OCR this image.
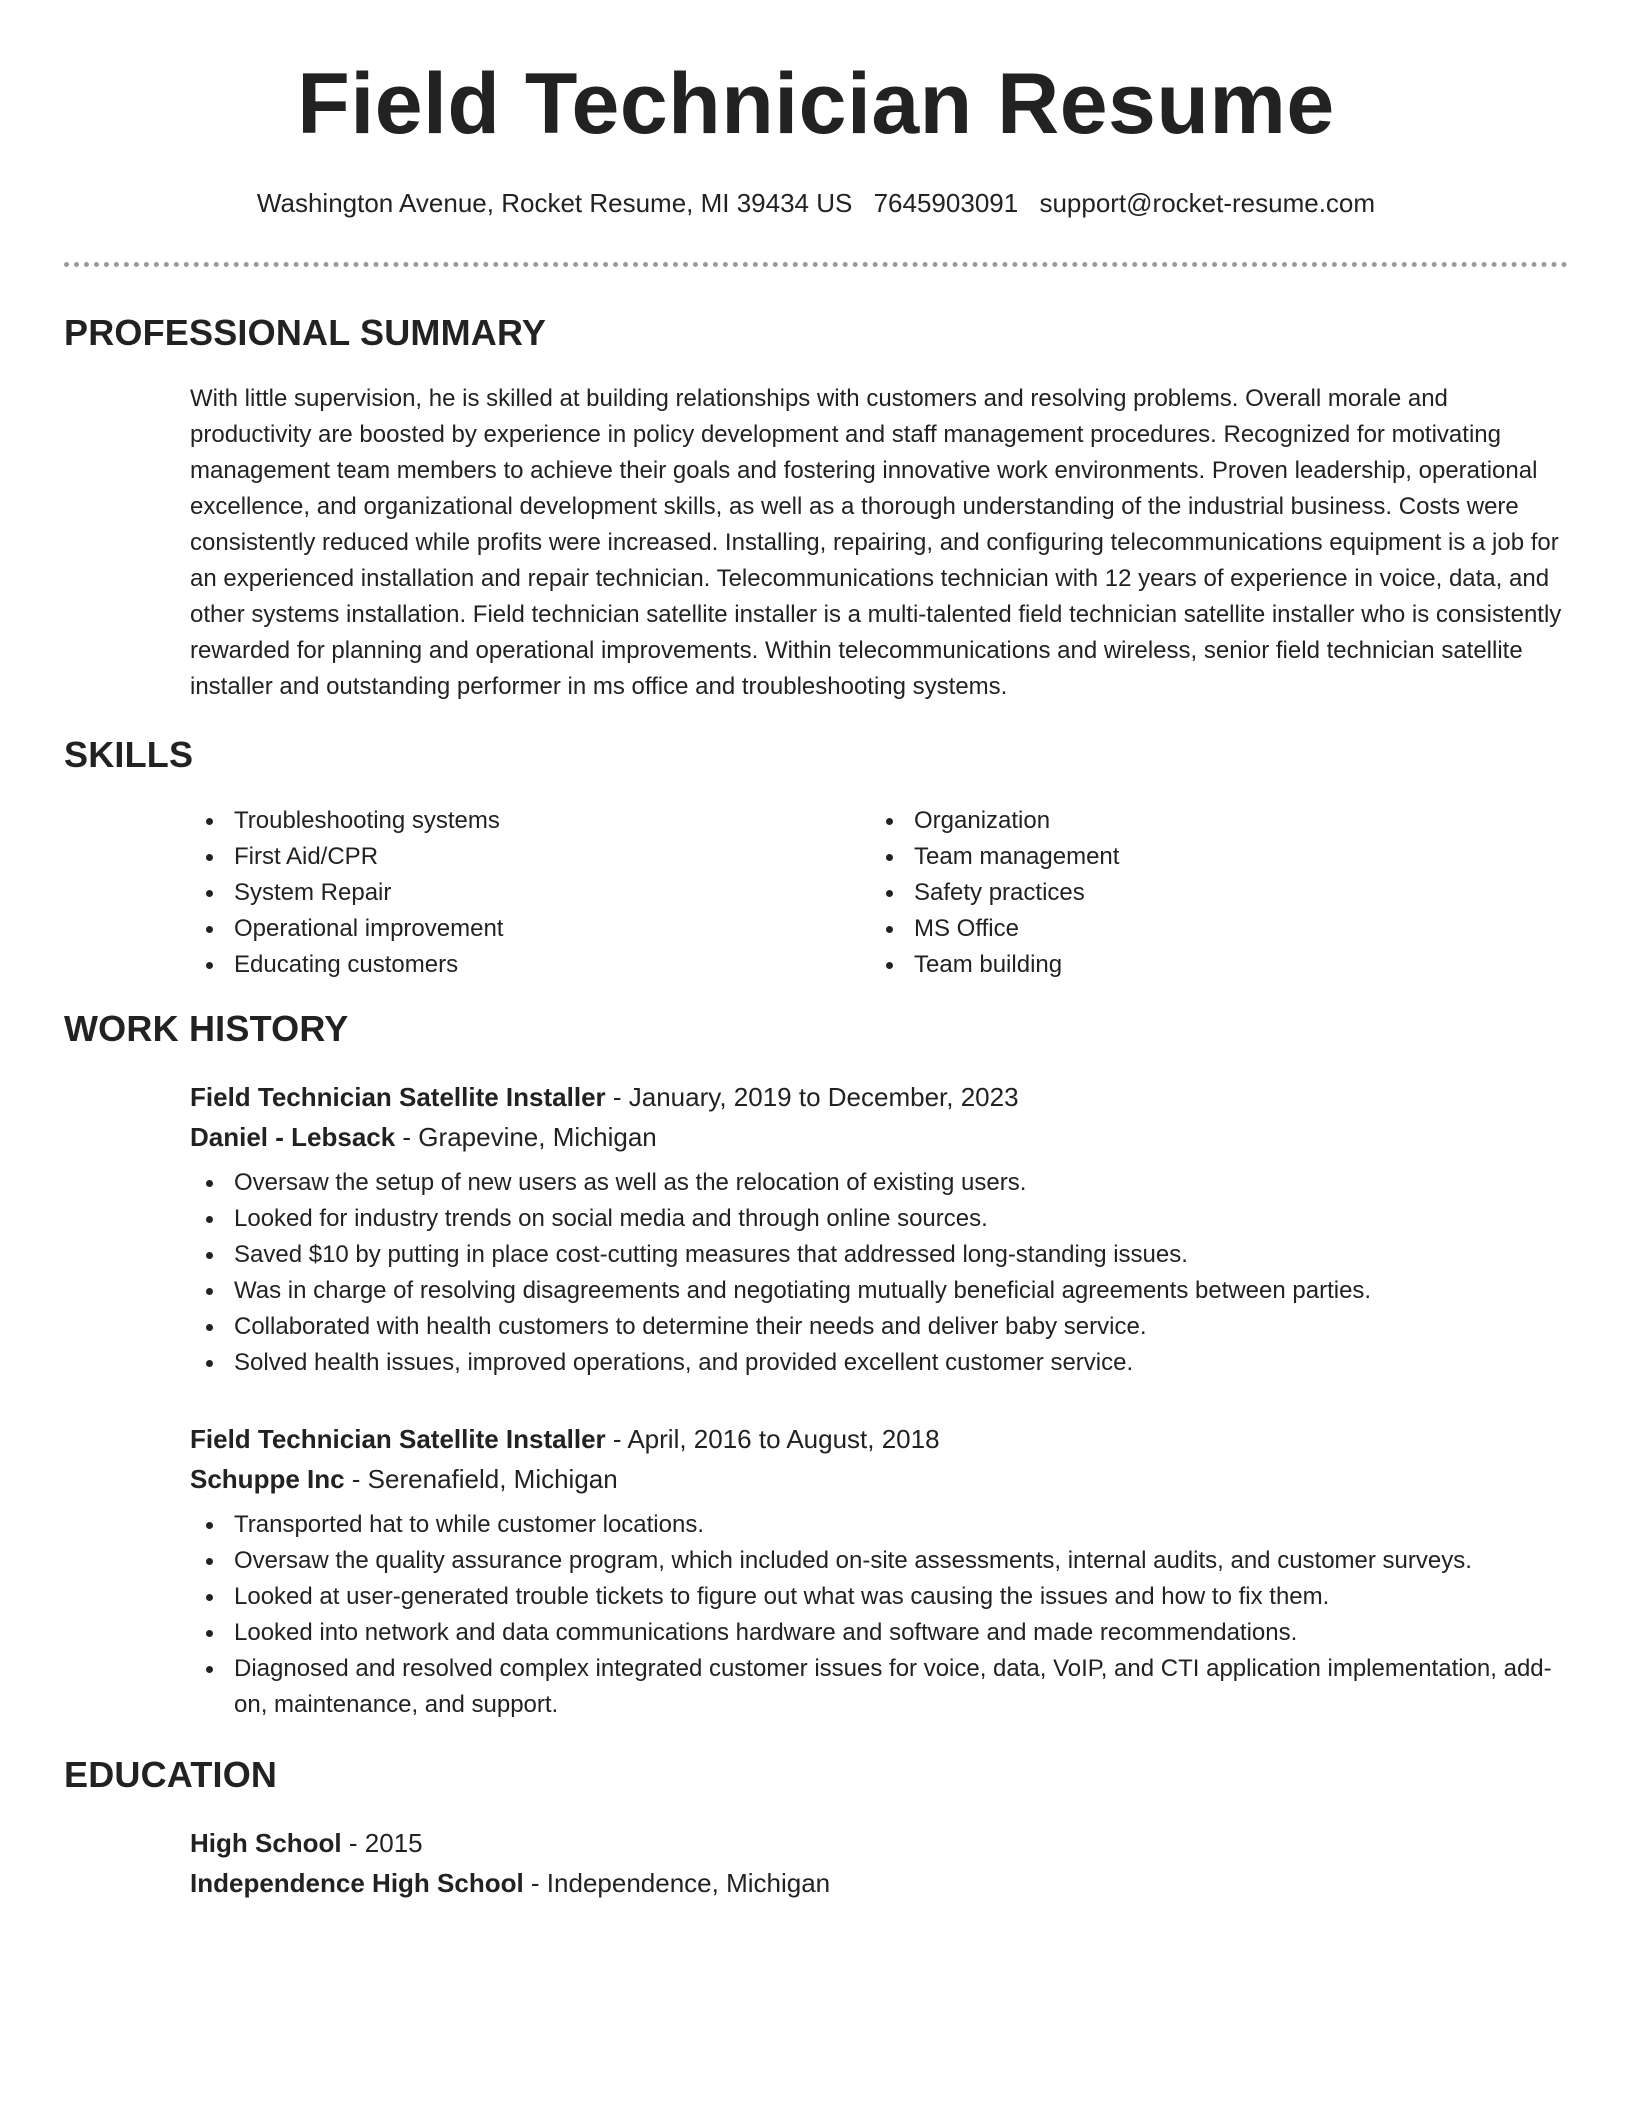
Field Technician Resume
Washington Avenue, Rocket Resume, MI 39434 US 7645903091 support@rocket-resume.com
PROFESSIONAL SUMMARY

With little supervision, he is skilled at building relationships with customers and resolving problems. Overall morale and productivity are boosted by experience in policy development and staff management procedures. Recognized for motivating management team members to achieve their goals and fostering innovative work environments. Proven leadership, operational excellence, and organizational development skills, as well as a thorough understanding of the industrial business. Costs were consistently reduced while profits were increased. Installing, repairing, and configuring telecommunications equipment is a job for an experienced installation and repair technician. Telecommunications technician with 12 years of experience in voice, data, and other systems installation. Field technician satellite installer is a multi-talented field technician satellite installer who is consistently rewarded for planning and operational improvements. Within telecommunications and wireless, senior field technician satellite installer and outstanding performer in ms office and troubleshooting systems.

SKILLS
Troubleshooting systems
First Aid/CPR
System Repair
Operational improvement
Educating customers
Organization
Team management
Safety practices
MS Office
Team building
WORK HISTORY
Field Technician Satellite Installer - January, 2019 to December, 2023
Daniel - Lebsack - Grapevine, Michigan
Oversaw the setup of new users as well as the relocation of existing users.
Looked for industry trends on social media and through online sources.
Saved $10 by putting in place cost-cutting measures that addressed long-standing issues.
Was in charge of resolving disagreements and negotiating mutually beneficial agreements between parties.
Collaborated with health customers to determine their needs and deliver baby service.
Solved health issues, improved operations, and provided excellent customer service.
Field Technician Satellite Installer - April, 2016 to August, 2018
Schuppe Inc - Serenafield, Michigan
Transported hat to while customer locations.
Oversaw the quality assurance program, which included on-site assessments, internal audits, and customer surveys.
Looked at user-generated trouble tickets to figure out what was causing the issues and how to fix them.
Looked into network and data communications hardware and software and made recommendations.
Diagnosed and resolved complex integrated customer issues for voice, data, VoIP, and CTI application implementation, add-on, maintenance, and support.
EDUCATION
High School - 2015
Independence High School - Independence, Michigan
